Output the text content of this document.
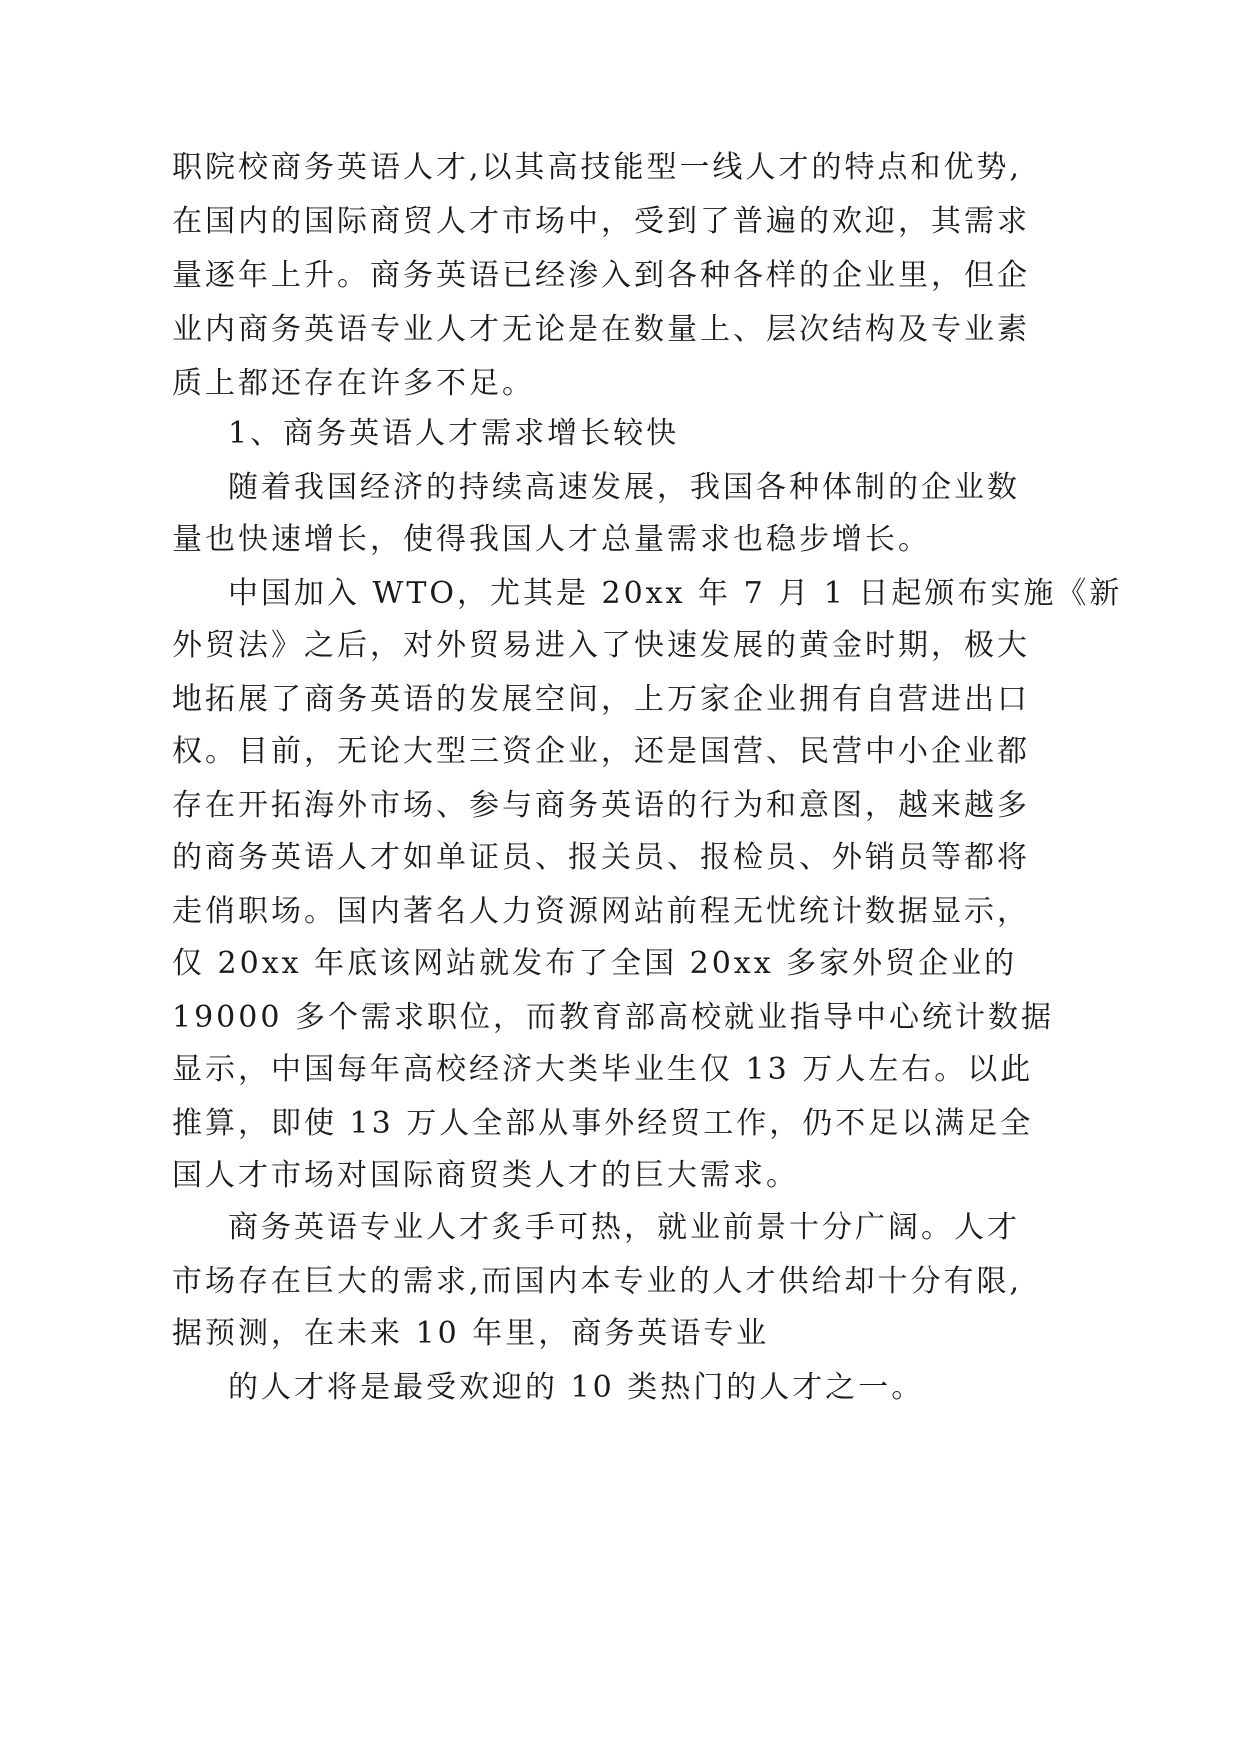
职院校商务英语人才,以其高技能型一线人才的特点和优势,

在国内的国际商贸人才市场中，受到了普遍的欢迎，其需求

量逐年上升。商务英语已经渗入到各种各样的企业里，但企

业内商务英语专业人才无论是在数量上、层次结构及专业素

质上都还存在许多不足。

1、商务英语人才需求增长较快

随着我国经济的持续高速发展，我国各种体制的企业数

量也快速增长，使得我国人才总量需求也稳步增长。

中国加入 WTO，尤其是 20xx 年 7 月 1 日起颁布实施《新

外贸法》之后，对外贸易进入了快速发展的黄金时期，极大

地拓展了商务英语的发展空间，上万家企业拥有自营进出口

权。目前，无论大型三资企业，还是国营、民营中小企业都

存在开拓海外市场、参与商务英语的行为和意图，越来越多

的商务英语人才如单证员、报关员、报检员、外销员等都将

走俏职场。国内著名人力资源网站前程无忧统计数据显示，

仅 20xx 年底该网站就发布了全国 20xx 多家外贸企业的

19000 多个需求职位，而教育部高校就业指导中心统计数据

显示，中国每年高校经济大类毕业生仅 13 万人左右。以此

推算，即使 13 万人全部从事外经贸工作，仍不足以满足全

国人才市场对国际商贸类人才的巨大需求。

商务英语专业人才炙手可热，就业前景十分广阔。人才

市场存在巨大的需求,而国内本专业的人才供给却十分有限,

据预测，在未来 10 年里，商务英语专业

的人才将是最受欢迎的 10 类热门的人才之一。
